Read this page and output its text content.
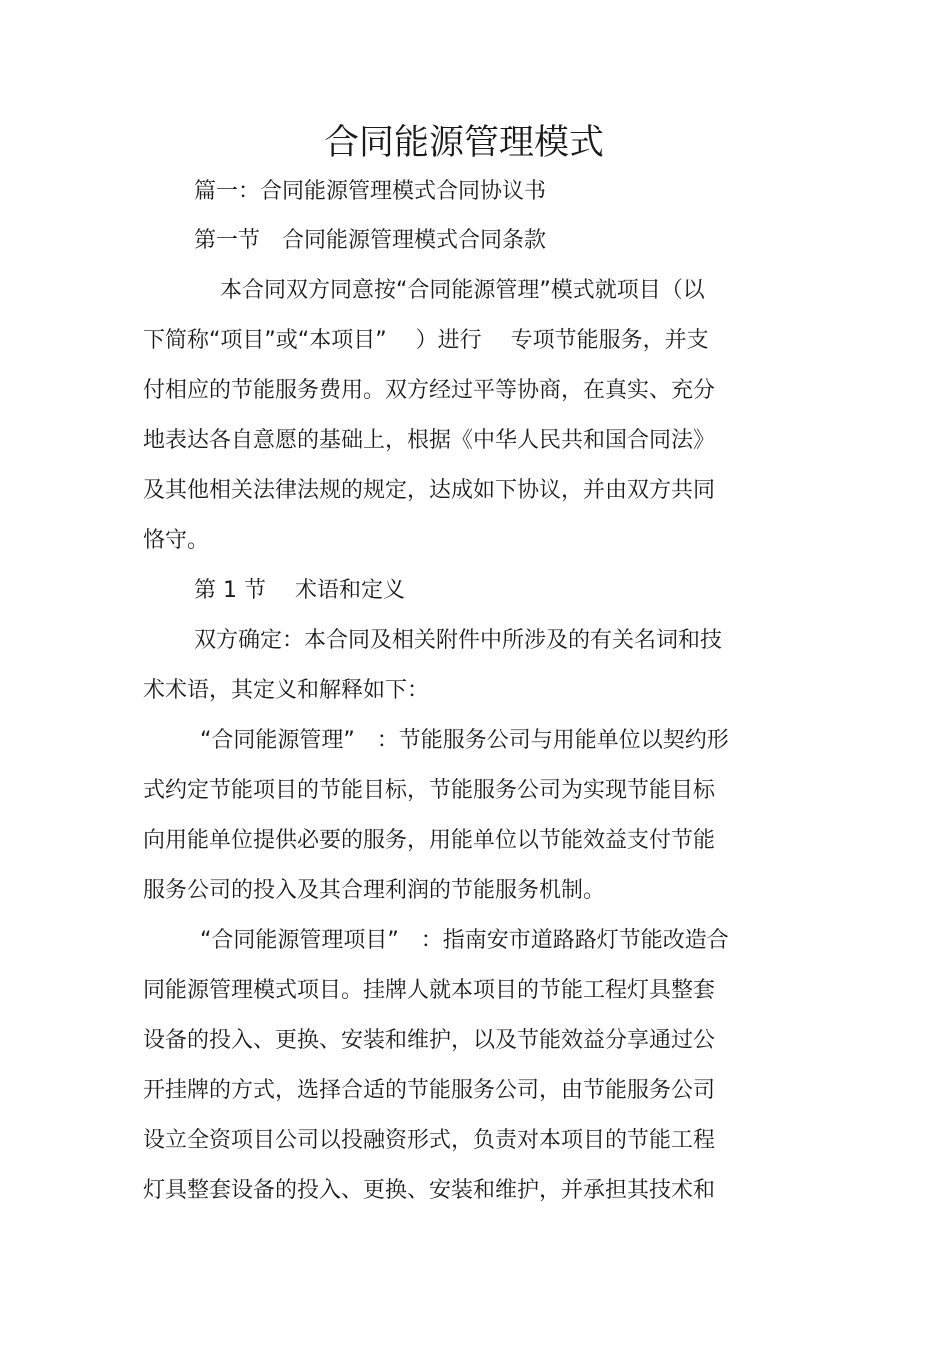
合同能源管理模式

篇一：合同能源管理模式合同协议书

第一节　合同能源管理模式合同条款

本合同双方同意按“合同能源管理”模式就项目（以

下简称“项目”或“本项目”　 ）进行　 专项节能服务，并支

付相应的节能服务费用。双方经过平等协商，在真实、充分

地表达各自意愿的基础上，根据《中华人民共和国合同法》

及其他相关法律法规的规定，达成如下协议，并由双方共同

恪守。

第 1 节　 术语和定义

双方确定：本合同及相关附件中所涉及的有关名词和技

术术语，其定义和解释如下：

“合同能源管理”　：节能服务公司与用能单位以契约形

式约定节能项目的节能目标，节能服务公司为实现节能目标

向用能单位提供必要的服务，用能单位以节能效益支付节能

服务公司的投入及其合理利润的节能服务机制。

“合同能源管理项目”　：指南安市道路路灯节能改造合

同能源管理模式项目。挂牌人就本项目的节能工程灯具整套

设备的投入、更换、安装和维护，以及节能效益分享通过公

开挂牌的方式，选择合适的节能服务公司，由节能服务公司

设立全资项目公司以投融资形式，负责对本项目的节能工程

灯具整套设备的投入、更换、安装和维护，并承担其技术和
